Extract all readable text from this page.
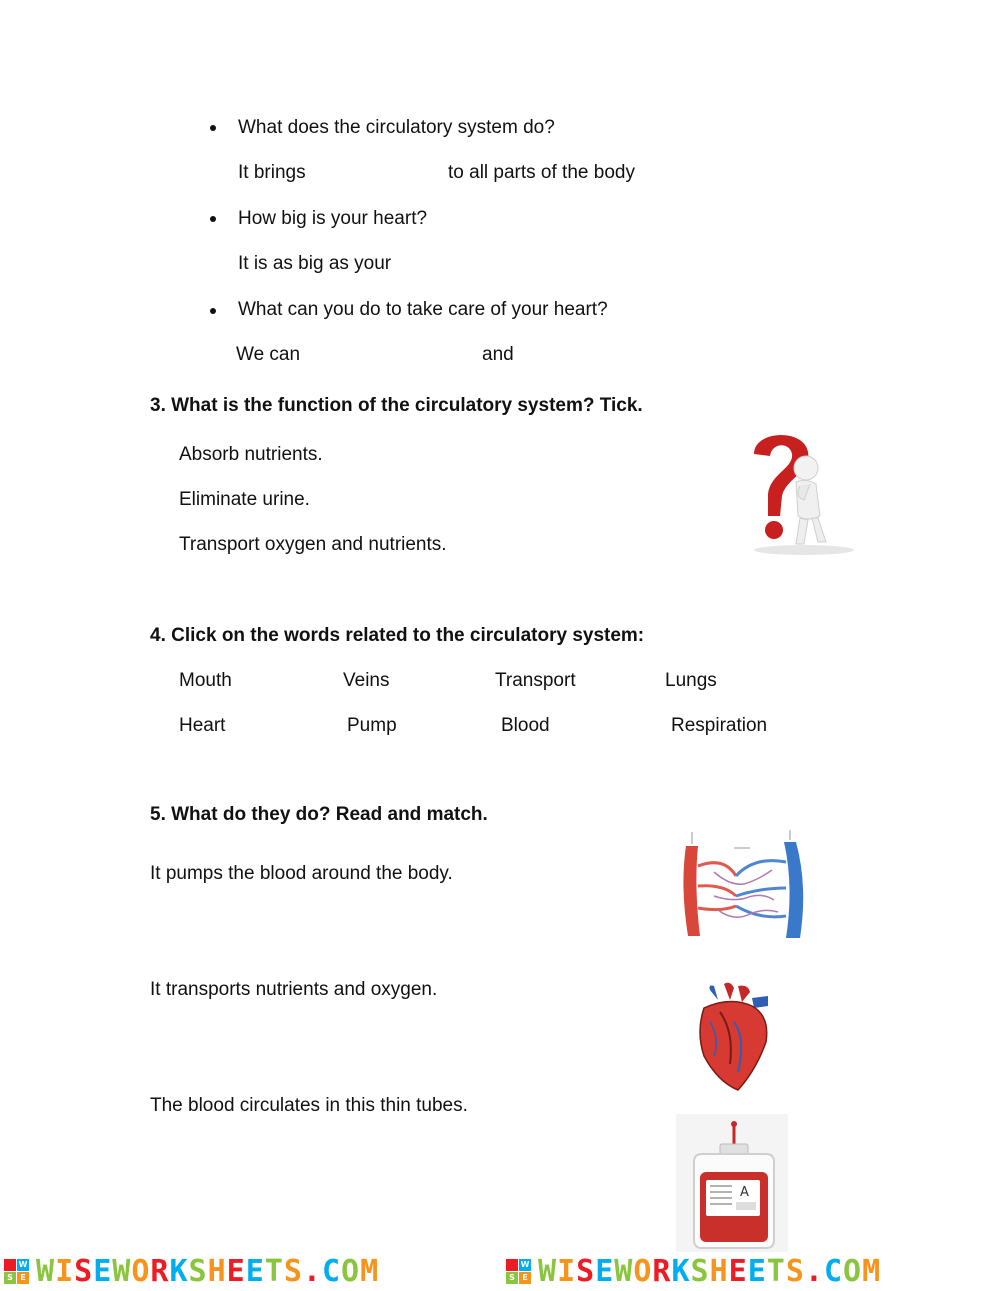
What does the circulatory system do?
It brings	to all parts of the body
How big is your heart?
It is as big as your
What can you do to take care of your heart?
We can	and
3. What is the function of the circulatory system? Tick.
Absorb nutrients.
Eliminate urine.
Transport oxygen and nutrients.
4. Click on the words related to the circulatory system:
Mouth	Veins	Transport	Lungs
Heart	Pump	Blood	Respiration
5. What do they do? Read and match.
It pumps the blood around the body.
It transports nutrients and oxygen.
The blood circulates in this thin tubes.
A
W
S E WISEWORKSHEETS.COM	W
S E WISEWORKSHEETS.COM
